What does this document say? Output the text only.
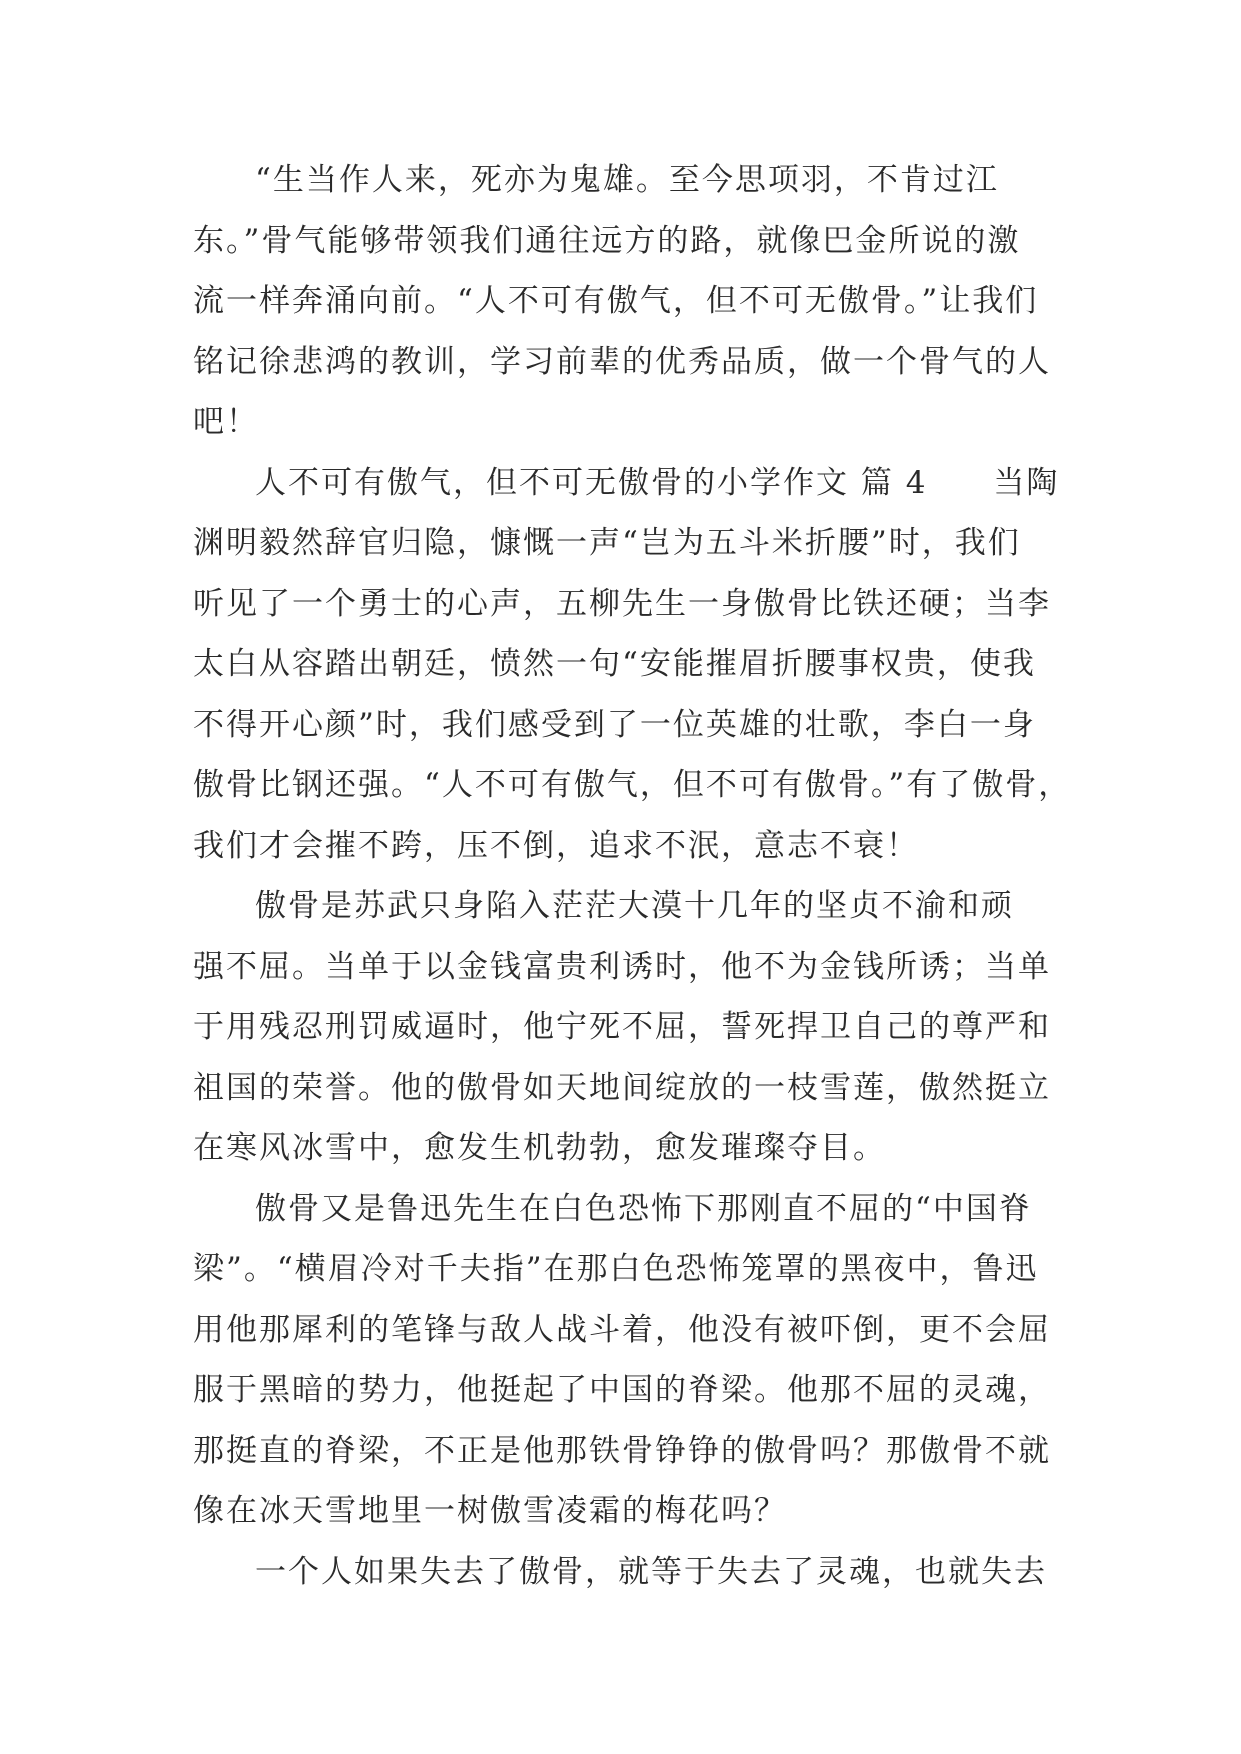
“生当作人来，死亦为鬼雄。至今思项羽，不肯过江
东。”骨气能够带领我们通往远方的路，就像巴金所说的激
流一样奔涌向前。“人不可有傲气，但不可无傲骨。”让我们
铭记徐悲鸿的教训，学习前辈的优秀品质，做一个骨气的人
吧！

人不可有傲气，但不可无傲骨的小学作文 篇 4　　当陶
渊明毅然辞官归隐，慷慨一声“岂为五斗米折腰”时，我们
听见了一个勇士的心声，五柳先生一身傲骨比铁还硬；当李
太白从容踏出朝廷，愤然一句“安能摧眉折腰事权贵，使我
不得开心颜”时，我们感受到了一位英雄的壮歌，李白一身
傲骨比钢还强。“人不可有傲气，但不可有傲骨。”有了傲骨，
我们才会摧不跨，压不倒，追求不泯，意志不衰！

傲骨是苏武只身陷入茫茫大漠十几年的坚贞不渝和顽
强不屈。当单于以金钱富贵利诱时，他不为金钱所诱；当单
于用残忍刑罚威逼时，他宁死不屈，誓死捍卫自己的尊严和
祖国的荣誉。他的傲骨如天地间绽放的一枝雪莲，傲然挺立
在寒风冰雪中，愈发生机勃勃，愈发璀璨夺目。

傲骨又是鲁迅先生在白色恐怖下那刚直不屈的“中国脊
梁”。“横眉冷对千夫指”在那白色恐怖笼罩的黑夜中，鲁迅
用他那犀利的笔锋与敌人战斗着，他没有被吓倒，更不会屈
服于黑暗的势力，他挺起了中国的脊梁。他那不屈的灵魂，
那挺直的脊梁，不正是他那铁骨铮铮的傲骨吗？那傲骨不就
像在冰天雪地里一树傲雪凌霜的梅花吗？

一个人如果失去了傲骨，就等于失去了灵魂，也就失去
